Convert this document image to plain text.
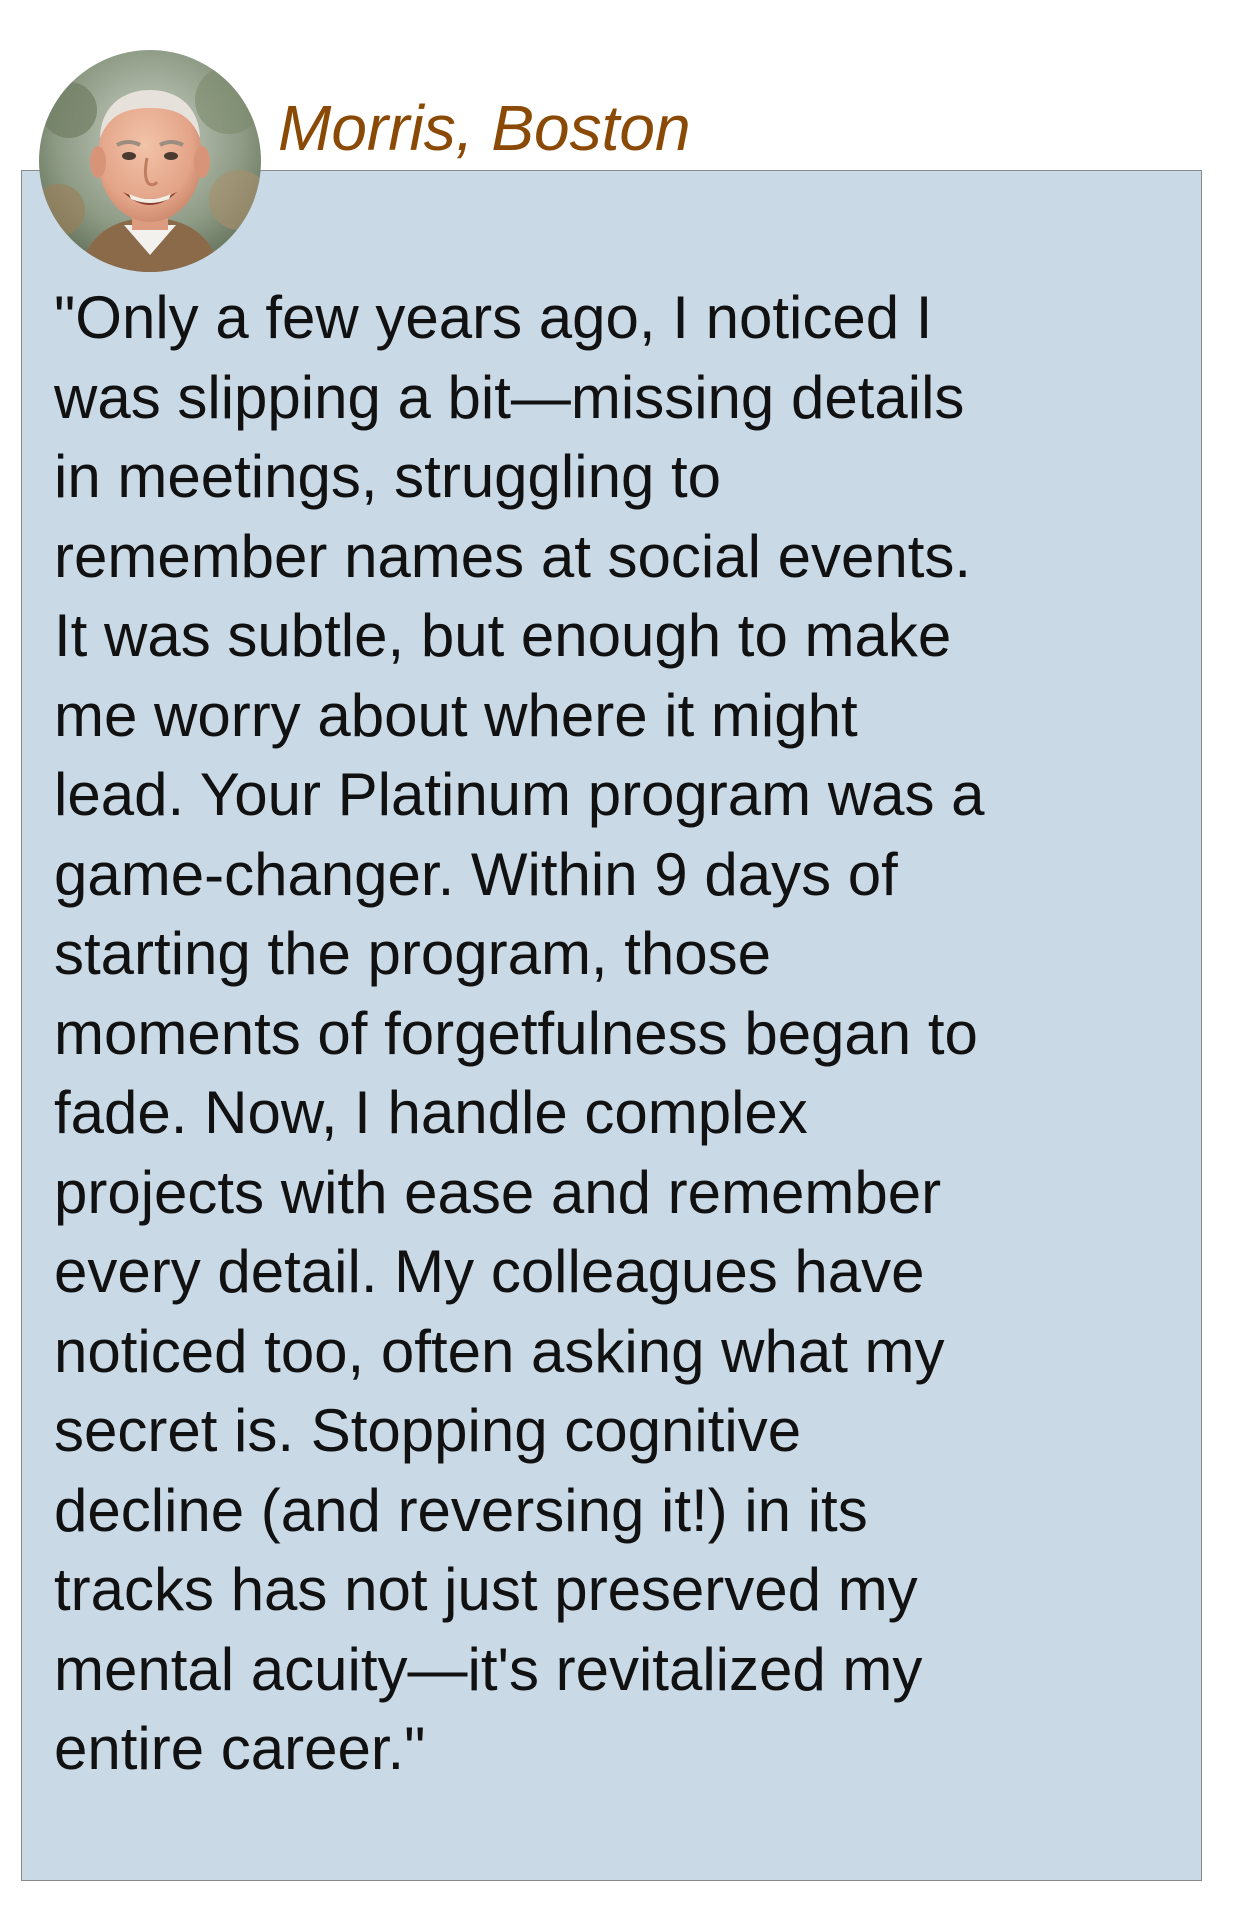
Morris, Boston
"Only a few years ago, I noticed I
was slipping a bit—missing details
in meetings, struggling to
remember names at social events.
It was subtle, but enough to make
me worry about where it might
lead. Your Platinum program was a
game-changer. Within 9 days of
starting the program, those
moments of forgetfulness began to
fade. Now, I handle complex
projects with ease and remember
every detail. My colleagues have
noticed too, often asking what my
secret is. Stopping cognitive
decline (and reversing it!) in its
tracks has not just preserved my
mental acuity—it's revitalized my
entire career."
